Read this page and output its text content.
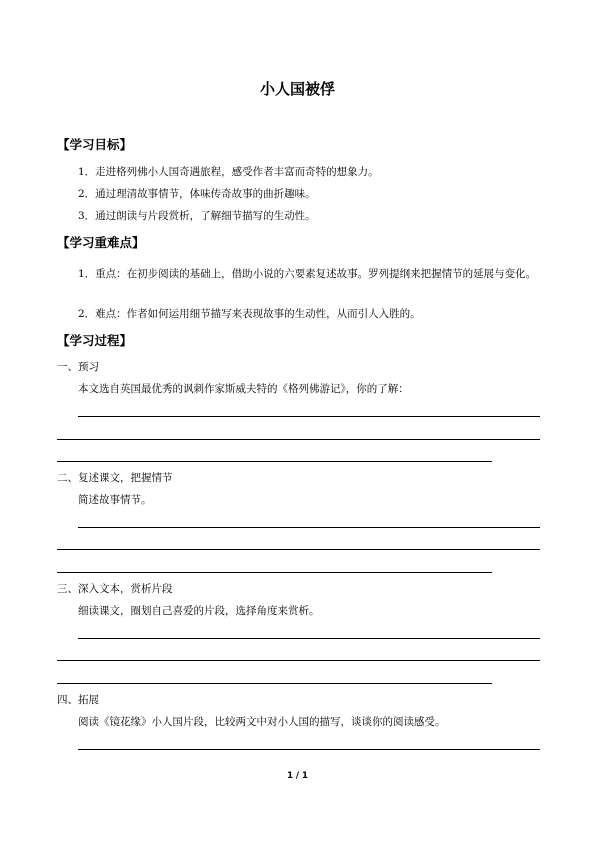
小人国被俘
【学习目标】
1．走进格列佛小人国奇遇旅程，感受作者丰富而奇特的想象力。
2．通过理清故事情节，体味传奇故事的曲折趣味。
3．通过朗读与片段赏析，了解细节描写的生动性。
【学习重难点】
1．重点：在初步阅读的基础上，借助小说的六要素复述故事。罗列提纲来把握情节的延展与变化。
2．难点：作者如何运用细节描写来表现故事的生动性，从而引人入胜的。
【学习过程】
一、预习
本文选自英国最优秀的讽刺作家斯威夫特的《格列佛游记》，你的了解：
二、复述课文，把握情节
简述故事情节。
三、深入文本，赏析片段
细读课文，圈划自己喜爱的片段，选择角度来赏析。
四、拓展
阅读《镜花缘》小人国片段，比较两文中对小人国的描写，谈谈你的阅读感受。
1 / 1
